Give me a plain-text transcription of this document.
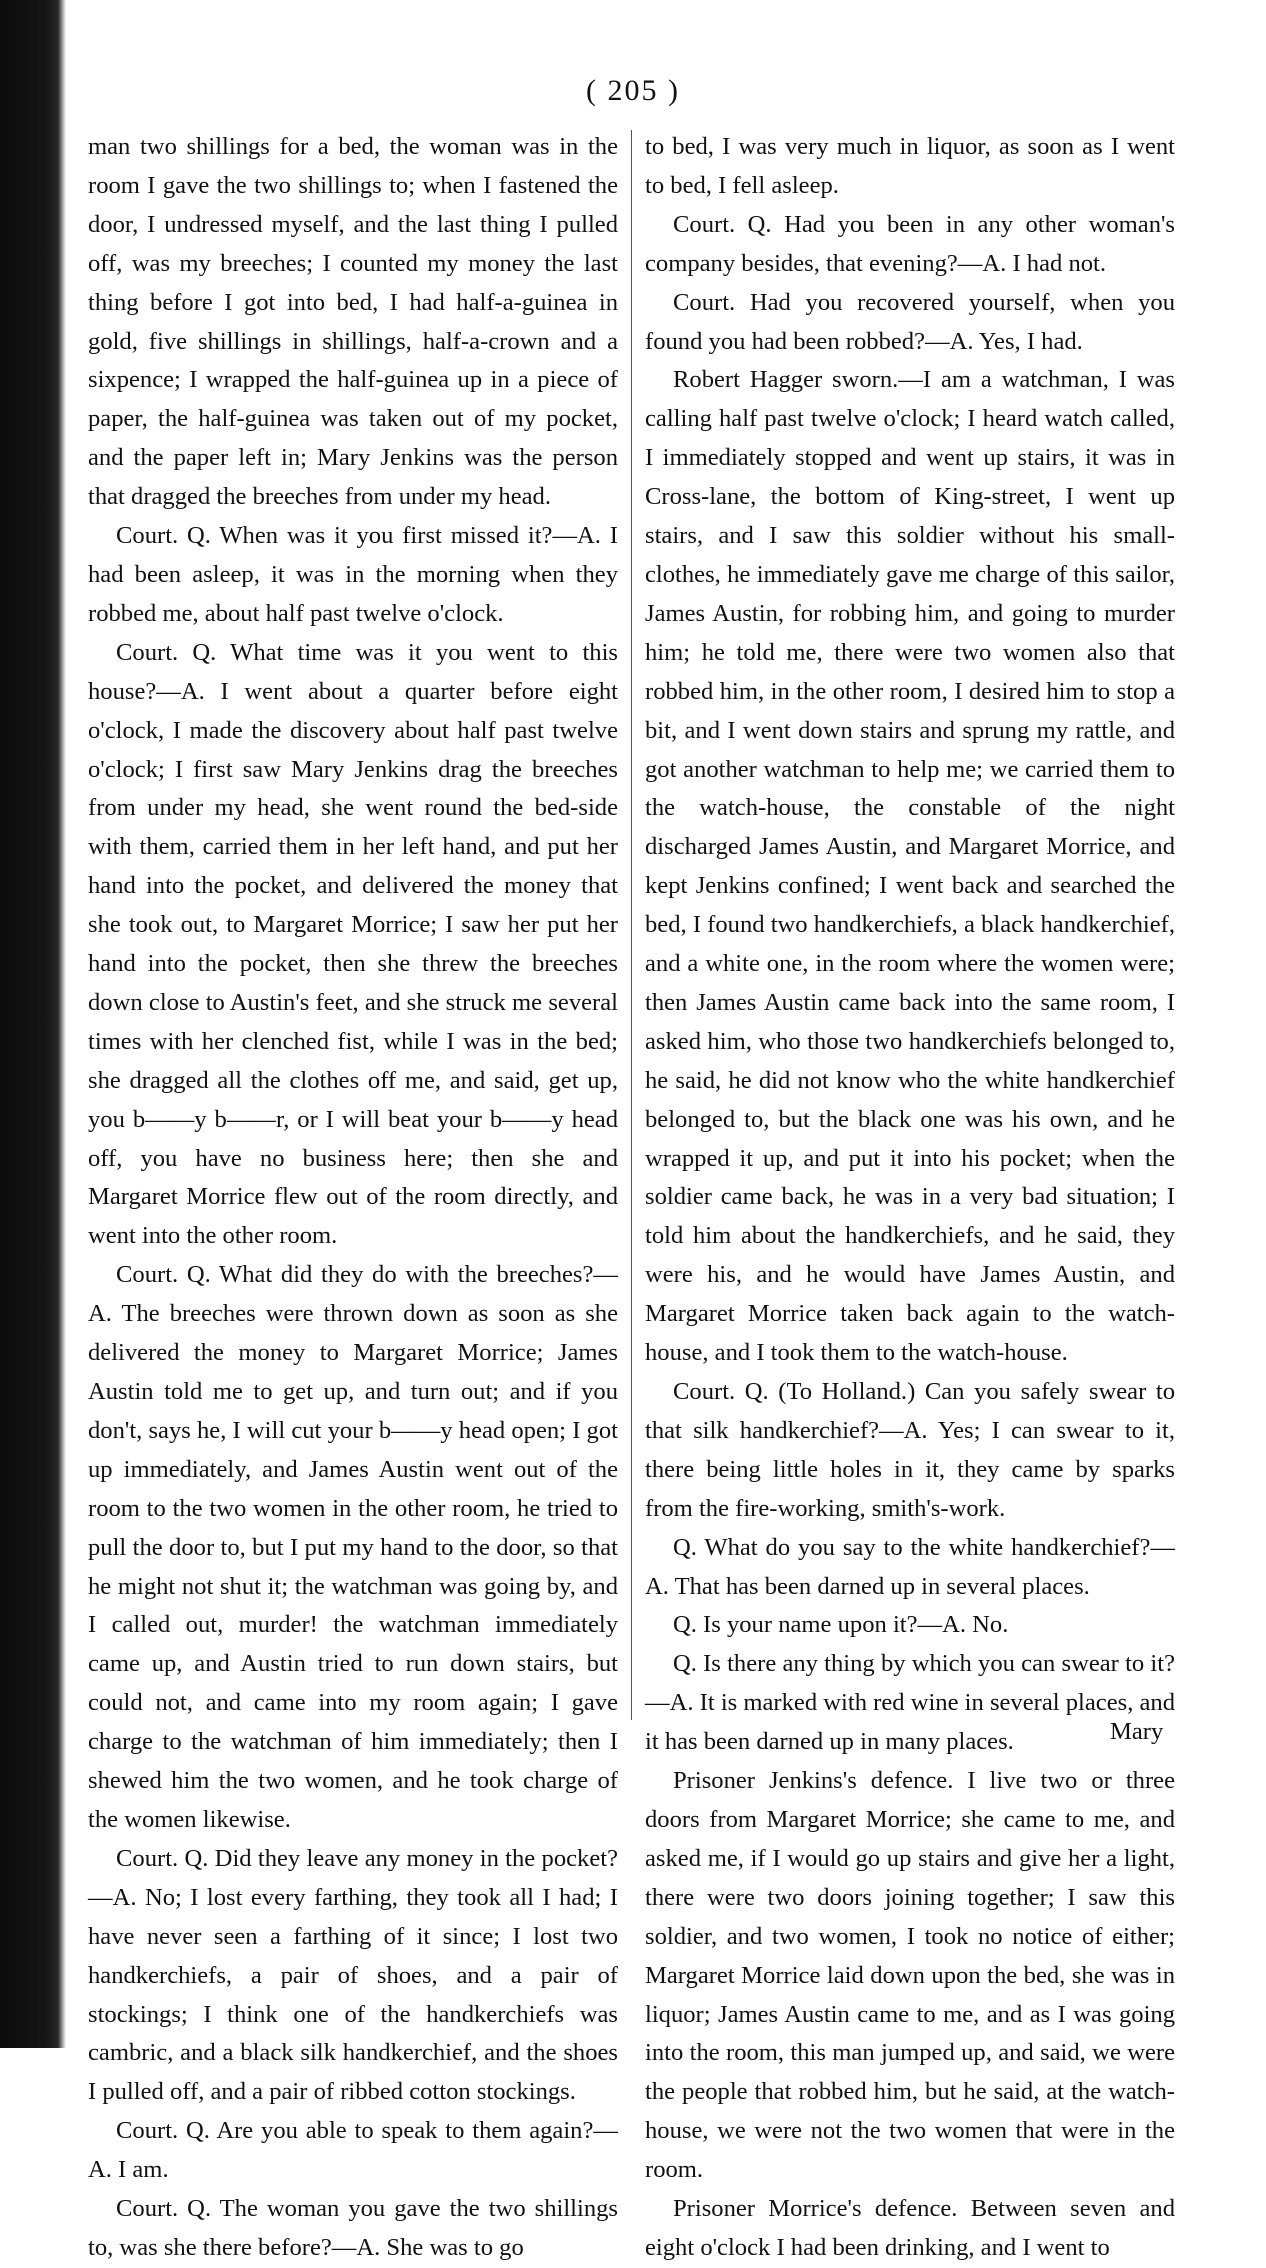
( 205 )

man two shillings for a bed, the woman was in the room I gave the two shillings to; when I fastened the door, I undressed myself, and the last thing I pulled off, was my breeches; I counted my money the last thing before I got into bed, I had half-a-guinea in gold, five shillings in shillings, half-a-crown and a sixpence; I wrapped the half-guinea up in a piece of paper, the half-guinea was taken out of my pocket, and the paper left in; Mary Jenkins was the person that dragged the breeches from under my head.

Court. Q. When was it you first missed it?—A. I had been asleep, it was in the morning when they robbed me, about half past twelve o'clock.

Court. Q. What time was it you went to this house?—A. I went about a quarter before eight o'clock, I made the discovery about half past twelve o'clock; I first saw Mary Jenkins drag the breeches from under my head, she went round the bed-side with them, carried them in her left hand, and put her hand into the pocket, and delivered the money that she took out, to Margaret Morrice; I saw her put her hand into the pocket, then she threw the breeches down close to Austin's feet, and she struck me several times with her clenched fist, while I was in the bed; she dragged all the clothes off me, and said, get up, you b——y b——r, or I will beat your b——y head off, you have no business here; then she and Margaret Morrice flew out of the room directly, and went into the other room.

Court. Q. What did they do with the breeches?—A. The breeches were thrown down as soon as she delivered the money to Margaret Morrice; James Austin told me to get up, and turn out; and if you don't, says he, I will cut your b——y head open; I got up immediately, and James Austin went out of the room to the two women in the other room, he tried to pull the door to, but I put my hand to the door, so that he might not shut it; the watchman was going by, and I called out, murder! the watchman immediately came up, and Austin tried to run down stairs, but could not, and came into my room again; I gave charge to the watchman of him immediately; then I shewed him the two women, and he took charge of the women likewise.

Court. Q. Did they leave any money in the pocket?—A. No; I lost every farthing, they took all I had; I have never seen a farthing of it since; I lost two handkerchiefs, a pair of shoes, and a pair of stockings; I think one of the handkerchiefs was cambric, and a black silk handkerchief, and the shoes I pulled off, and a pair of ribbed cotton stockings.

Court. Q. Are you able to speak to them again?—A. I am.

Court. Q. The woman you gave the two shillings to, was she there before?—A. She was to go

to bed, I was very much in liquor, as soon as I went to bed, I fell asleep.

Court. Q. Had you been in any other woman's company besides, that evening?—A. I had not.

Court. Had you recovered yourself, when you found you had been robbed?—A. Yes, I had.

Robert Hagger sworn.—I am a watchman, I was calling half past twelve o'clock; I heard watch called, I immediately stopped and went up stairs, it was in Cross-lane, the bottom of King-street, I went up stairs, and I saw this soldier without his small-clothes, he immediately gave me charge of this sailor, James Austin, for robbing him, and going to murder him; he told me, there were two women also that robbed him, in the other room, I desired him to stop a bit, and I went down stairs and sprung my rattle, and got another watchman to help me; we carried them to the watch-house, the constable of the night discharged James Austin, and Margaret Morrice, and kept Jenkins confined; I went back and searched the bed, I found two handkerchiefs, a black handkerchief, and a white one, in the room where the women were; then James Austin came back into the same room, I asked him, who those two handkerchiefs belonged to, he said, he did not know who the white handkerchief belonged to, but the black one was his own, and he wrapped it up, and put it into his pocket; when the soldier came back, he was in a very bad situation; I told him about the handkerchiefs, and he said, they were his, and he would have James Austin, and Margaret Morrice taken back again to the watch-house, and I took them to the watch-house.

Court. Q. (To Holland.) Can you safely swear to that silk handkerchief?—A. Yes; I can swear to it, there being little holes in it, they came by sparks from the fire-working, smith's-work.

Q. What do you say to the white handkerchief?—A. That has been darned up in several places.

Q. Is your name upon it?—A. No.

Q. Is there any thing by which you can swear to it?—A. It is marked with red wine in several places, and it has been darned up in many places.

Prisoner Jenkins's defence. I live two or three doors from Margaret Morrice; she came to me, and asked me, if I would go up stairs and give her a light, there were two doors joining together; I saw this soldier, and two women, I took no notice of either; Margaret Morrice laid down upon the bed, she was in liquor; James Austin came to me, and as I was going into the room, this man jumped up, and said, we were the people that robbed him, but he said, at the watch-house, we were not the two women that were in the room.

Prisoner Morrice's defence. Between seven and eight o'clock I had been drinking, and I went to

Mary
